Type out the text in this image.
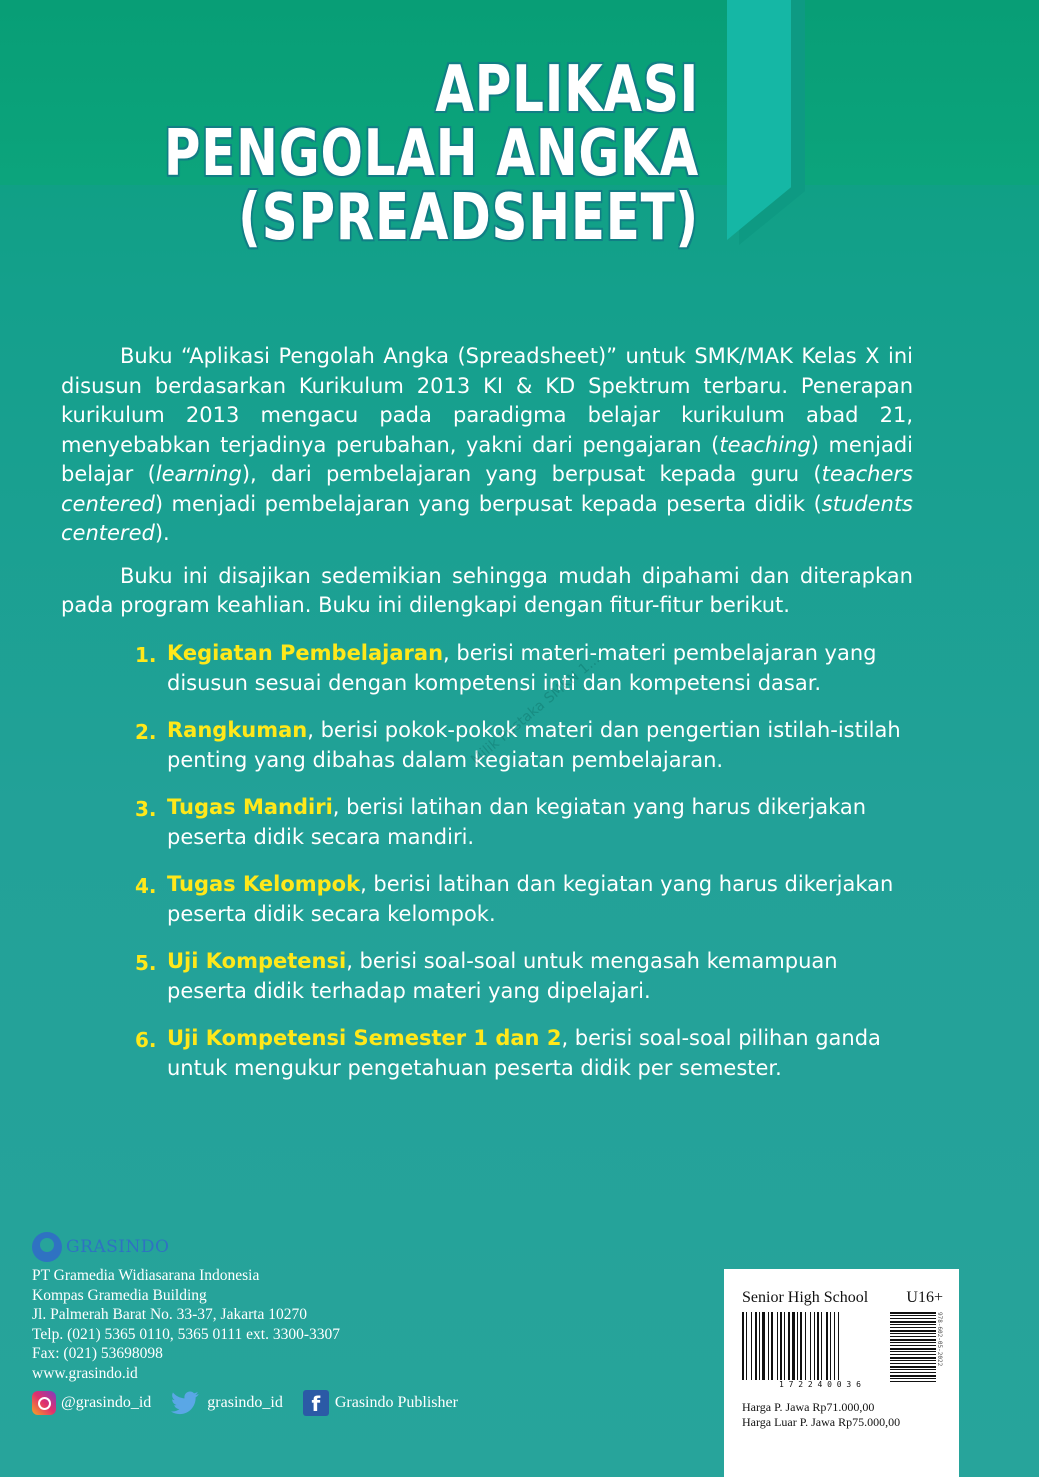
APLIKASI
PENGOLAH ANGKA
(SPREADSHEET)

Buku “Aplikasi Pengolah Angka (Spreadsheet)” untuk SMK/MAK Kelas X ini disusun berdasarkan Kurikulum 2013 KI & KD Spektrum terbaru. Penerapan kurikulum 2013 mengacu pada paradigma belajar kurikulum abad 21, menyebabkan terjadinya perubahan, yakni dari pengajaran (teaching) menjadi belajar (learning), dari pembelajaran yang berpusat kepada guru (teachers centered) menjadi pembelajaran yang berpusat kepada peserta didik (students centered).

Buku ini disajikan sedemikian sehingga mudah dipahami dan diterapkan pada program keahlian. Buku ini dilengkapi dengan fitur-fitur berikut.

1. Kegiatan Pembelajaran, berisi materi-materi pembelajaran yang disusun sesuai dengan kompetensi inti dan kompetensi dasar.
2. Rangkuman, berisi pokok-pokok materi dan pengertian istilah-istilah penting yang dibahas dalam kegiatan pembelajaran.
3. Tugas Mandiri, berisi latihan dan kegiatan yang harus dikerjakan peserta didik secara mandiri.
4. Tugas Kelompok, berisi latihan dan kegiatan yang harus dikerjakan peserta didik secara kelompok.
5. Uji Kompetensi, berisi soal-soal untuk mengasah kemampuan peserta didik terhadap materi yang dipelajari.
6. Uji Kompetensi Semester 1 dan 2, berisi soal-soal pilihan ganda untuk mengukur pengetahuan peserta didik per semester.
Milik Pustaka SMKN 1...
GRASINDO
PT Gramedia Widiasarana Indonesia
Kompas Gramedia Building
Jl. Palmerah Barat No. 33-37, Jakarta 10270
Telp. (021) 5365 0110, 5365 0111 ext. 3300-3307
Fax: (021) 53698098
www.grasindo.id
@grasindo_id	grasindo_id	f Grasindo Publisher
Senior High School U16+
1 7 2 2 4 0 0 3 6
978-602-05-2022
Harga P. Jawa Rp71.000,00
Harga Luar P. Jawa Rp75.000,00
